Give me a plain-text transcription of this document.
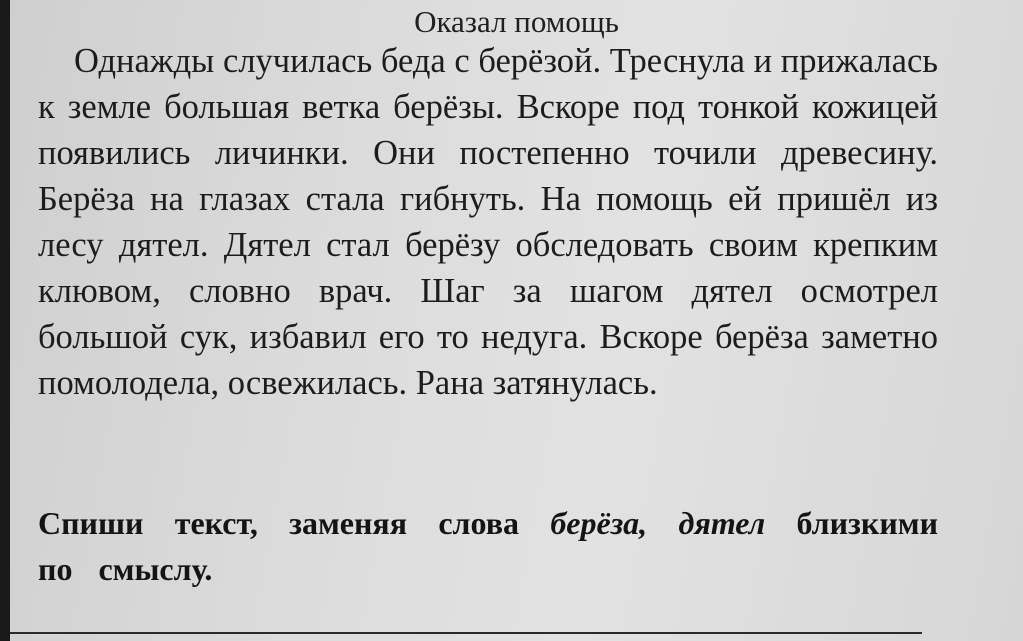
Оказал помощь

Однажды случилась беда с берёзой. Треснула и прижалась к земле большая ветка берёзы. Вскоре под тонкой кожицей появились личинки. Они постепенно точили древесину. Берёза на глазах стала гибнуть. На помощь ей пришёл из лесу дятел. Дятел стал берёзу обследовать своим крепким клювом, словно врач. Шаг за шагом дятел осмотрел большой сук, избавил его то недуга. Вскоре берёза заметно помолодела, освежилась. Рана затянулась.

Спиши текст, заменяя слова берёза, дятел близкими по смыслу.
